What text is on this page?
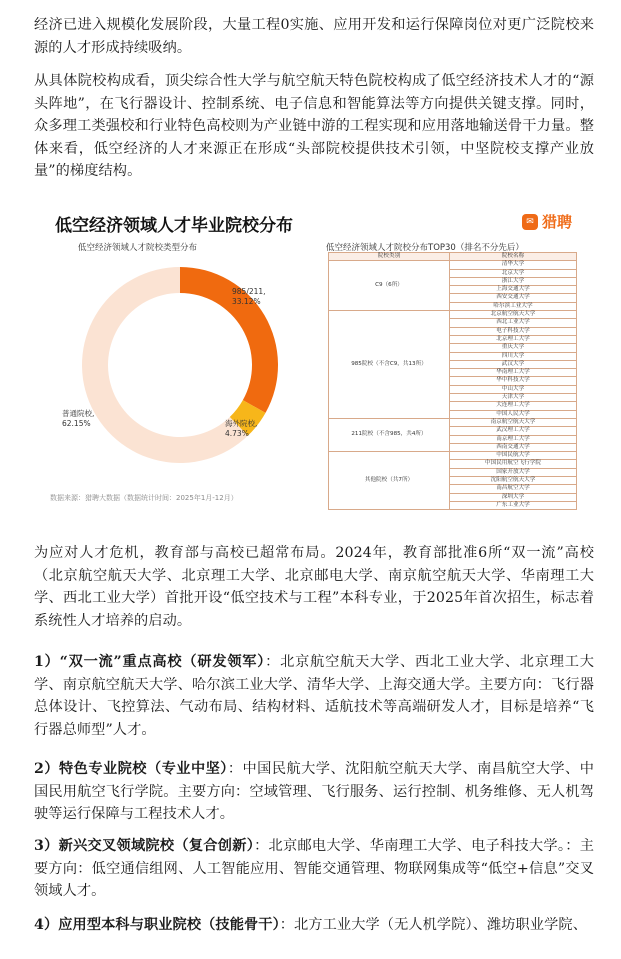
经济已进入规模化发展阶段，大量工程0实施、应用开发和运行保障岗位对更广泛院校来源的人才形成持续吸纳。
从具体院校构成看，顶尖综合性大学与航空航天特色院校构成了低空经济技术人才的“源头阵地”，在飞行器设计、控制系统、电子信息和智能算法等方向提供关键支撑。同时，众多理工类强校和行业特色高校则为产业链中游的工程实现和应用落地输送骨干力量。整体来看，低空经济的人才来源正在形成“头部院校提供技术引领，中坚院校支撑产业放量”的梯度结构。
低空经济领域人才毕业院校分布	✉ 猎聘
低空经济领域人才院校类型分布	低空经济领域人才院校分布TOP30（排名不分先后）
985/211,
33.12%
海外院校,
4.73%
普通院校,
62.15%
院校类别	院校名称
C9（6所）	清华大学
	北京大学
	浙江大学
	上海交通大学
	西安交通大学
	哈尔滨工业大学
985院校（不含C9，共13所）	北京航空航天大学
	西北工业大学
	电子科技大学
	北京理工大学
	重庆大学
	四川大学
	武汉大学
	华南理工大学
	华中科技大学
	中山大学
	天津大学
	大连理工大学
	中国人民大学
211院校（不含985，共4所）	南京航空航天大学
	武汉理工大学
	南京理工大学
	西南交通大学
其他院校（共7所）	中国民航大学
	中国民用航空飞行学院
	国家开放大学
	沈阳航空航天大学
	南昌航空大学
	深圳大学
	广东工业大学
数据来源：猎聘大数据（数据统计时间：2025年1月-12月）
为应对人才危机，教育部与高校已超常布局。2024年，教育部批准6所“双一流”高校（北京航空航天大学、北京理工大学、北京邮电大学、南京航空航天大学、华南理工大学、西北工业大学）首批开设“低空技术与工程”本科专业，于2025年首次招生，标志着系统性人才培养的启动。
1）“双一流”重点高校（研发领军）：北京航空航天大学、西北工业大学、北京理工大学、南京航空航天大学、哈尔滨工业大学、清华大学、上海交通大学。主要方向：飞行器总体设计、飞控算法、气动布局、结构材料、适航技术等高端研发人才，目标是培养“飞行器总师型”人才。
2）特色专业院校（专业中坚）：中国民航大学、沈阳航空航天大学、南昌航空大学、中国民用航空飞行学院。主要方向：空域管理、飞行服务、运行控制、机务维修、无人机驾驶等运行保障与工程技术人才。
3）新兴交叉领域院校（复合创新）：北京邮电大学、华南理工大学、电子科技大学。：主要方向：低空通信组网、人工智能应用、智能交通管理、物联网集成等“低空+信息”交叉领域人才。
4）应用型本科与职业院校（技能骨干）：北方工业大学（无人机学院）、潍坊职业学院、
